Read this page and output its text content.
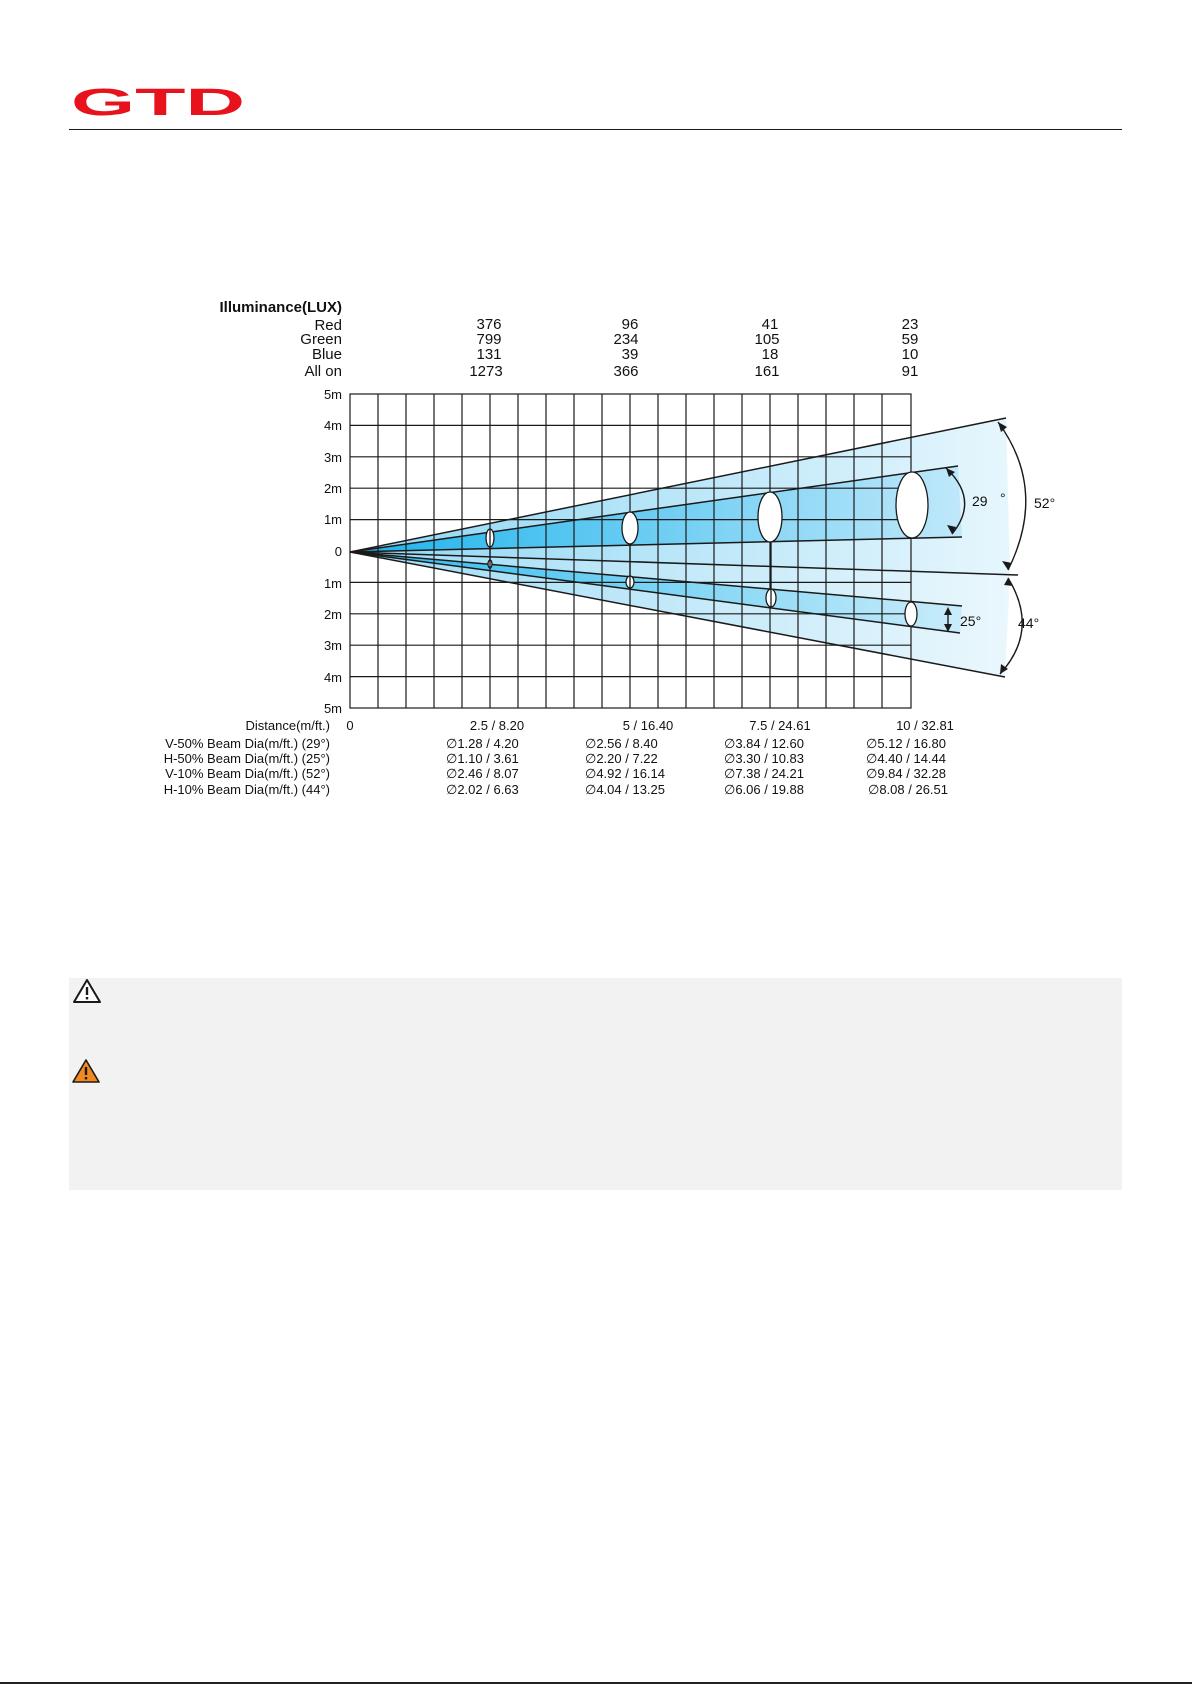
GTD
Illuminance(LUX)
Red	376	96	41	23
Green	799	234	105	59
Blue	131	39	18	10
All on	1273	366	161	91
29 ° 52°
25°	44°
5m
4m
3m
2m
1m
0
1m
2m
3m
4m
5m
Distance(m/ft.) 0	2.5 / 8.20	5 / 16.40	7.5 / 24.61	10 / 32.81
V-50% Beam Dia(m/ft.) (29°)	∅1.28 / 4.20	∅2.56 / 8.40	∅3.84 / 12.60	∅5.12 / 16.80
H-50% Beam Dia(m/ft.) (25°)	∅1.10 / 3.61	∅2.20 / 7.22	∅3.30 / 10.83	∅4.40 / 14.44
V-10% Beam Dia(m/ft.) (52°)	∅2.46 / 8.07	∅4.92 / 16.14	∅7.38 / 24.21	∅9.84 / 32.28
H-10% Beam Dia(m/ft.) (44°)	∅2.02 / 6.63	∅4.04 / 13.25	∅6.06 / 19.88	∅8.08 / 26.51
